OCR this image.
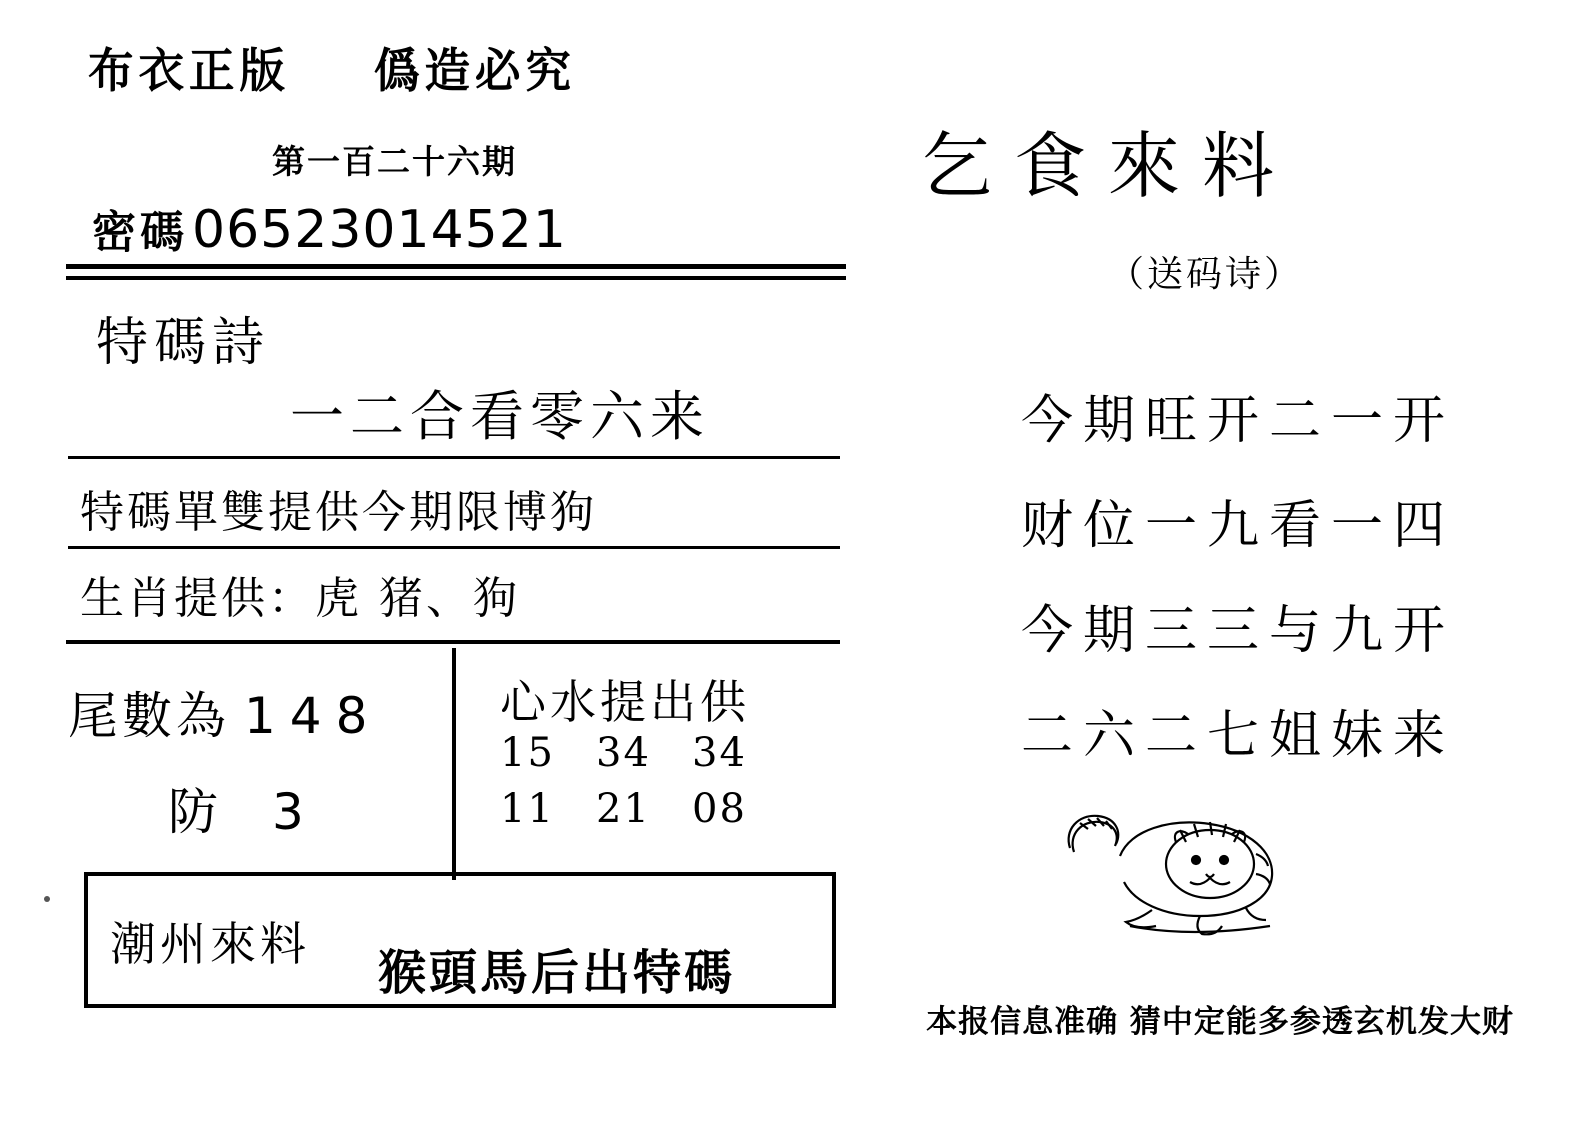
布衣正版 僞造必究
第一百二十六期
密碼 06523014521
特碼詩
一二合看零六来
特碼單雙提供今期限博狗
生肖提供：虎 猪、狗
尾數為 148
防 3
心水提出供
15 34 34
11 21 08
潮州來料
猴頭馬后出特碼
乞食來料
（送码诗）
今期旺开二一开
财位一九看一四
今期三三与九开
二六二七姐妹来
本报信息准确 猜中定能多参透玄机发大财
